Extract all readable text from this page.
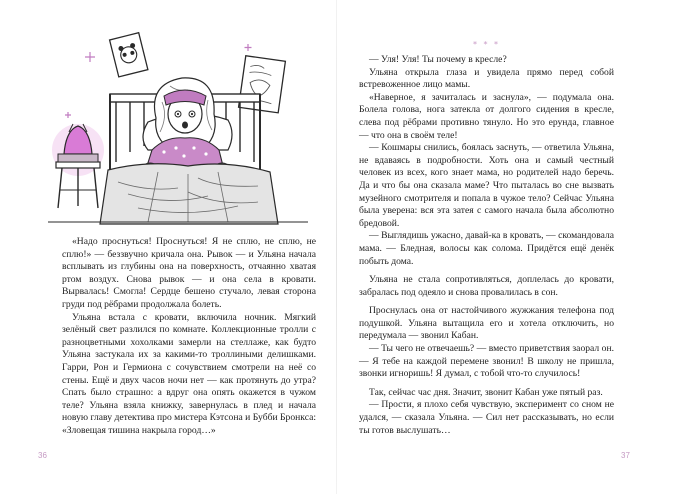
«Надо проснуться! Проснуться! Я не сплю, не сплю, не сплю!» — беззвучно кричала она. Рывок — и Ульяна начала всплывать из глубины она на поверхность, отчаянно хватая ртом воздух. Снова рывок — и она села в кровати. Вырвалась! Смогла! Сердце бешено стучало, левая сторона груди под рёбрами продолжала болеть.

Ульяна встала с кровати, включила ночник. Мягкий зелёный свет разлился по комнате. Коллекционные тролли с разноцветными хохолками замерли на стеллаже, как будто Ульяна застукала их за какими-то троллиными делишками. Гарри, Рон и Гермиона с сочувствием смотрели на неё со стены. Ещё и двух часов ночи нет — как протянуть до утра? Спать было страшно: а вдруг она опять окажется в чужом теле? Ульяна взяла книжку, завернулась в плед и начала новую главу детектива про мистера Кэтсона и Бубби Бронкса: «Зловещая тишина накрыла город…»

36
* * *

— Уля! Уля! Ты почему в кресле?

Ульяна открыла глаза и увидела прямо перед собой встревоженное лицо мамы.

«Наверное, я зачиталась и заснула», — подумала она. Болела голова, нога затекла от долгого сидения в кресле, слева под рёбрами противно тянуло. Но это ерунда, главное — что она в своём теле!

— Кошмары снились, боялась заснуть, — ответила Ульяна, не вдаваясь в подробности. Хоть она и самый честный человек из всех, кого знает мама, но родителей надо беречь. Да и что бы она сказала маме? Что пыталась во сне вызвать музейного смотрителя и попала в чужое тело? Сейчас Ульяна была уверена: вся эта затея с самого начала была абсолютно бредовой.

— Выглядишь ужасно, давай-ка в кровать, — скомандовала мама. — Бледная, волосы как солома. Придётся ещё денёк побыть дома.

Ульяна не стала сопротивляться, доплелась до кровати, забралась под одеяло и снова провалилась в сон.

Проснулась она от настойчивого жужжания телефона под подушкой. Ульяна вытащила его и хотела отключить, но передумала — звонил Кабан.

— Ты чего не отвечаешь? — вместо приветствия заорал он. — Я тебе на каждой перемене звонил! В школу не пришла, звонки игноришь! Я думал, с тобой что-то случилось!

Так, сейчас час дня. Значит, звонит Кабан уже пятый раз.

— Прости, я плохо себя чувствую, эксперимент со сном не удался, — сказала Ульяна. — Сил нет рассказывать, но если ты готов выслушать…

37
